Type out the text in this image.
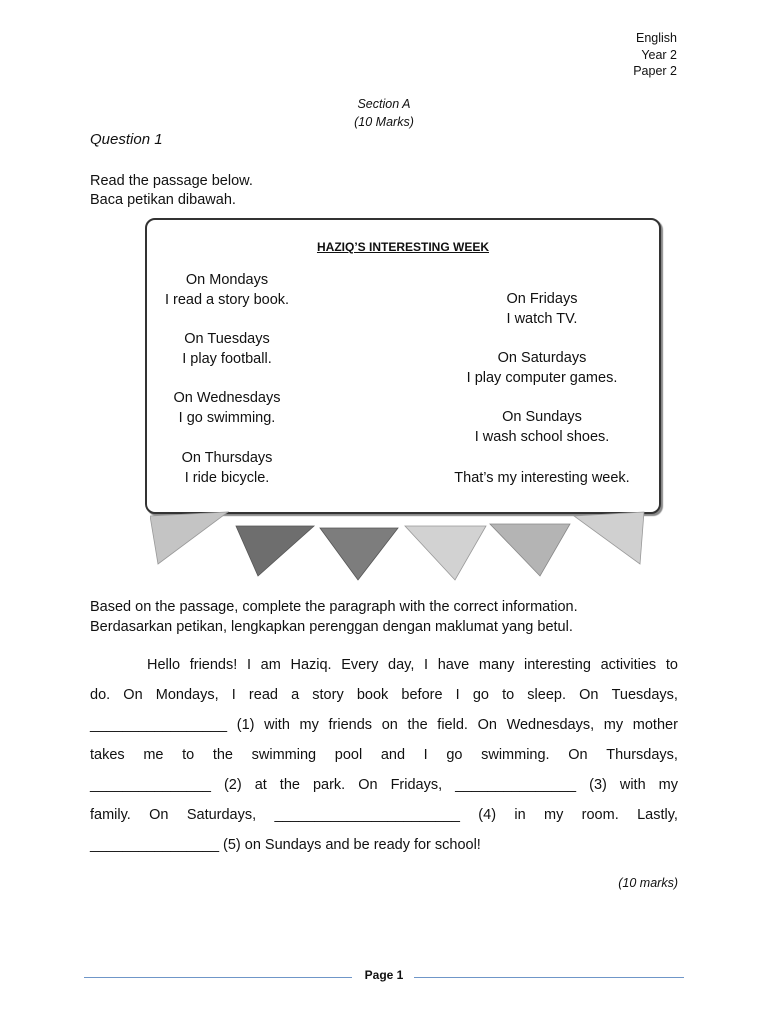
English
Year 2
Paper 2
Section A
(10 Marks)
Question 1
Read the passage below.
Baca petikan dibawah.
HAZIQ’S INTERESTING WEEK
On Mondays
I read a story book.
On Tuesdays
I play football.
On Wednesdays
I go swimming.
On Thursdays
I ride bicycle.
On Fridays
I watch TV.
On Saturdays
I play computer games.
On Sundays
I wash school shoes.
That’s my interesting week.
Based on the passage, complete the paragraph with the correct information.
Berdasarkan petikan, lengkapkan perenggan dengan maklumat yang betul.
Hello friends! I am Haziq. Every day, I have many interesting activities to
do. On Mondays, I read a story book before I go to sleep. On Tuesdays,
_________________ (1) with my friends on the field. On Wednesdays, my mother
takes me to the swimming pool and I go swimming. On Thursdays,
_______________ (2) at the park. On Fridays, _______________ (3) with my
family. On Saturdays, _______________________ (4) in my room. Lastly,
________________ (5) on Sundays and be ready for school!
(10 marks)
Page 1
